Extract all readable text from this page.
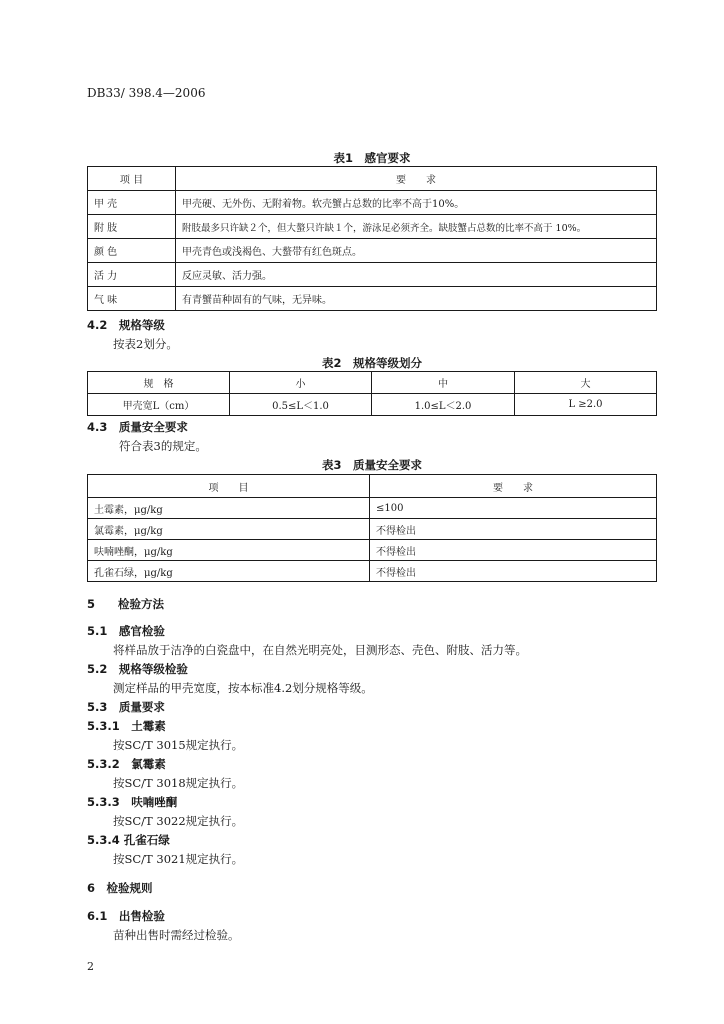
DB33/ 398.4—2006
表1　感官要求
项 目	要　　求
甲 壳	甲壳硬、无外伤、无附着物。软壳蟹占总数的比率不高于10%。
附 肢	附肢最多只许缺２个，但大螯只许缺１个，游泳足必须齐全。缺肢蟹占总数的比率不高于 10%。
颜 色	甲壳青色或浅褐色、大螯带有红色斑点。
活 力	反应灵敏、活力强。
气 味	有青蟹苗种固有的气味，无异味。
4.2　规格等级
按表2划分。
表2　规格等级划分
规　格	小	中	大
甲壳宽L（cm）	0.5≤L＜1.0	1.0≤L＜2.0	L ≥2.0
4.3　质量安全要求
符合表3的规定。
表3　质量安全要求
项　　目	要　　求
土霉素，μg/kg	≤100
氯霉素，μg/kg	不得检出
呋喃唑酮，μg/kg	不得检出
孔雀石绿，μg/kg	不得检出
5　　检验方法
5.1　感官检验
将样品放于洁净的白瓷盘中，在自然光明亮处，目测形态、壳色、附肢、活力等。
5.2　规格等级检验
测定样品的甲壳宽度，按本标准4.2划分规格等级。
5.3　质量要求
5.3.1　土霉素
按SC/T 3015规定执行。
5.3.2　氯霉素
按SC/T 3018规定执行。
5.3.3　呋喃唑酮
按SC/T 3022规定执行。
5.3.4 孔雀石绿
按SC/T 3021规定执行。
6　检验规则
6.1　出售检验
苗种出售时需经过检验。
2
